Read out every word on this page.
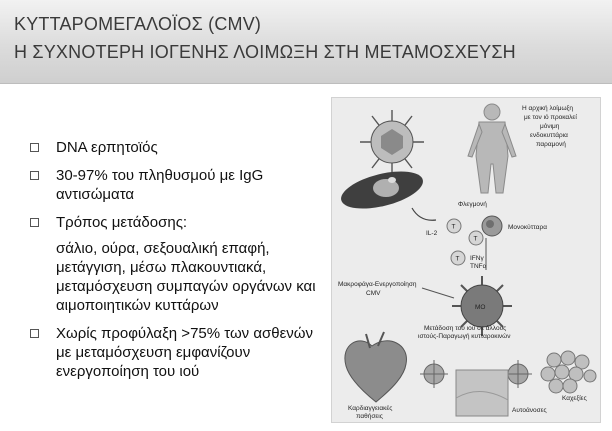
ΚΥΤΤΑΡΟΜΕΓΑΛΟΪΟΣ (CMV)
Η ΣΥΧΝΟΤΕΡΗ ΙΟΓΕΝΗΣ ΛΟΙΜΩΞΗ ΣΤΗ ΜΕΤΑΜΟΣΧΕΥΣΗ
DNA ερπητοϊός
30-97% του πληθυσμού με IgG αντισώματα
Τρόπος μετάδοσης:
σάλιο, ούρα, σεξουαλική επαφή, μετάγγιση, μέσω πλακουντιακά, μεταμόσχευση συμπαγών οργάνων και αιμοποιητικών κυττάρων
Χωρίς προφύλαξη >75% των ασθενών με μεταμόσχευση εμφανίζουν ενεργοποίηση του ιού
Η αρχική λοίμωξη με τον ιό προκαλεί μόνιμη ενδοκυττάρια παραμονή
Φλεγμονή
IL-2
T
T
T
Μονοκύτταρα
IFNγ
TNFα
Μακροφάγα-Ενεργοποίηση CMV
ΜΟ
Μετάδοση του ιού σε άλλους ιστούς-Παραγωγή κυτταροκινών
Καρδιαγγειακές παθήσεις
Αυτοάνοσες
Καχεξίες
